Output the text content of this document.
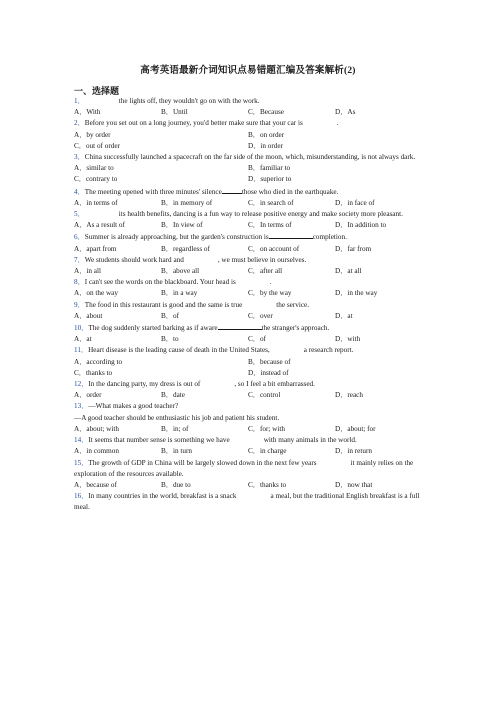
高考英语最新介词知识点易错题汇编及答案解析(2)
一、选择题
1．	the lights off, they wouldn't go on with the work.
A．With	B．Until	C．Because	D．As
2．Before you set out on a long journey, you'd better make sure that your car is	.
A．by order	B．on order
C．out of order	D．in order
3．China successfully launched a spacecraft on the far side of the moon, which, misunderstanding, is not always dark.
A．similar to	B．familiar to
C．contrary to	D．superior to
4．The meeting opened with three minutes' silence	those who died in the earthquake.
A．in terms of	B．in memory of	C．in search of	D．in face of
5．	its health benefits, dancing is a fun way to release positive energy and make society more pleasant.
A．As a result of	B．In view of	C．In terms of	D．In addition to
6．Summer is already approaching, but the garden's construction is	completion.
A．apart from	B．regardless of	C．on account of	D．far from
7．We students should work hard and	, we must believe in ourselves.
A．in all	B．above all	C．after all	D．at all
8．I can't see the words on the blackboard. Your head is	.
A．on the way	B．in a way	C．by the way	D．in the way
9．The food in this restaurant is good and the same is true	the service.
A．about	B．of	C．over	D．at
10．The dog suddenly started barking as if aware	the stranger's approach.
A．at	B．to	C．of	D．with
11．Heart disease is the leading cause of death in the United States,	a research report.
A．according to	B．because of
C．thanks to	D．instead of
12．In the dancing party, my dress is out of	, so I feel a bit embarrassed.
A．order	B．date	C．control	D．reach
13．—What makes a good teacher?
—A good teacher should be enthusiastic his job and patient his student.
A．about; with	B．in; of	C．for; with	D．about; for
14．It seems that number sense is something we have	with many animals in the world.
A．in common	B．in turn	C．in charge	D．in return
15．The growth of GDP in China will be largely slowed down in the next few years	it mainly relies on the exploration of the resources available.
A．because of	B．due to	C．thanks to	D．now that
16．In many countries in the world, breakfast is a snack	a meal, but the traditional English breakfast is a full meal.
